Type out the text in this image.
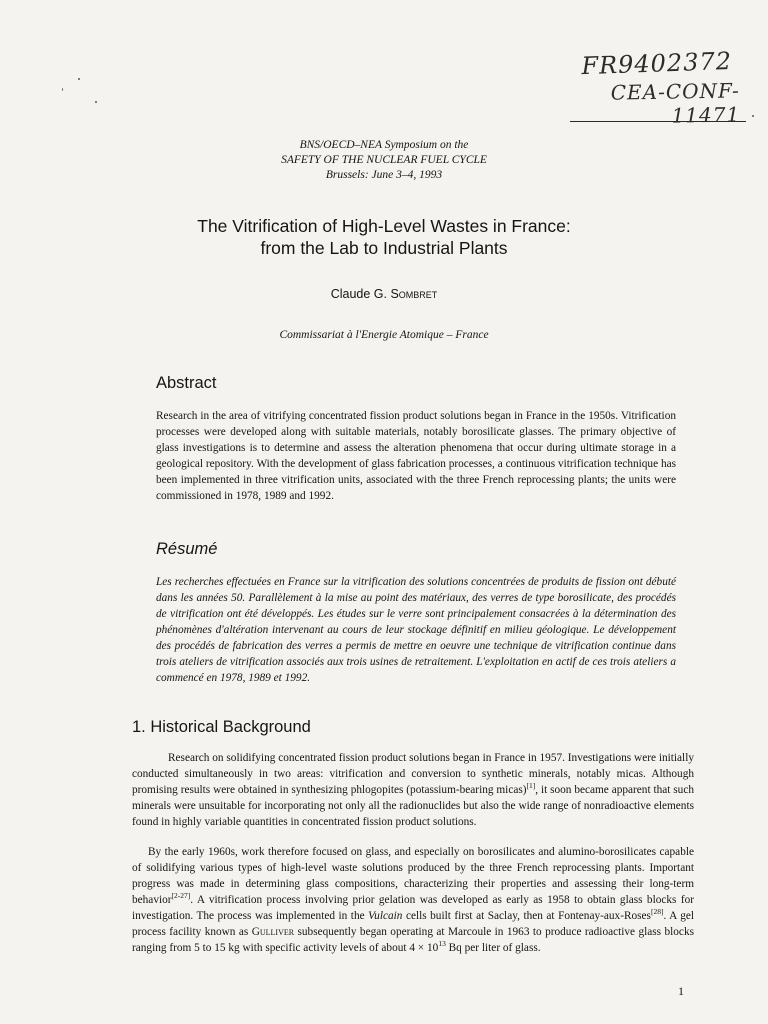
FR9402372
CEA-CONF-11471
BNS/OECD–NEA Symposium on the
SAFETY OF THE NUCLEAR FUEL CYCLE
Brussels: June 3–4, 1993
The Vitrification of High-Level Wastes in France:
from the Lab to Industrial Plants
Claude G. Sombret
Commissariat à l'Energie Atomique – France
Abstract

Research in the area of vitrifying concentrated fission product solutions began in France in the 1950s. Vitrification processes were developed along with suitable materials, notably borosilicate glasses. The primary objective of glass investigations is to determine and assess the alteration phenomena that occur during ultimate storage in a geological repository. With the development of glass fabrication processes, a continuous vitrification technique has been implemented in three vitrification units, associated with the three French reprocessing plants; the units were commissioned in 1978, 1989 and 1992.

Résumé

Les recherches effectuées en France sur la vitrification des solutions concentrées de produits de fission ont débuté dans les années 50. Parallèlement à la mise au point des matériaux, des verres de type borosilicate, des procédés de vitrification ont été développés. Les études sur le verre sont principalement consacrées à la détermination des phénomènes d'altération intervenant au cours de leur stockage définitif en milieu géologique. Le développement des procédés de fabrication des verres a permis de mettre en oeuvre une technique de vitrification continue dans trois ateliers de vitrification associés aux trois usines de retraitement. L'exploitation en actif de ces trois ateliers a commencé en 1978, 1989 et 1992.

1. Historical Background

Research on solidifying concentrated fission product solutions began in France in 1957. Investigations were initially conducted simultaneously in two areas: vitrification and conversion to synthetic minerals, notably micas. Although promising results were obtained in synthesizing phlogopites (potassium-bearing micas)[1], it soon became apparent that such minerals were unsuitable for incorporating not only all the radionuclides but also the wide range of nonradioactive elements found in highly variable quantities in concentrated fission product solutions.

By the early 1960s, work therefore focused on glass, and especially on borosilicates and alumino-borosilicates capable of solidifying various types of high-level waste solutions produced by the three French reprocessing plants. Important progress was made in determining glass compositions, characterizing their properties and assessing their long-term behavior[2-27]. A vitrification process involving prior gelation was developed as early as 1958 to obtain glass blocks for investigation. The process was implemented in the Vulcain cells built first at Saclay, then at Fontenay-aux-Roses[28]. A gel process facility known as Gulliver subsequently began operating at Marcoule in 1963 to produce radioactive glass blocks ranging from 5 to 15 kg with specific activity levels of about $4 \times 10^{13}$ Bq per liter of glass.

1
